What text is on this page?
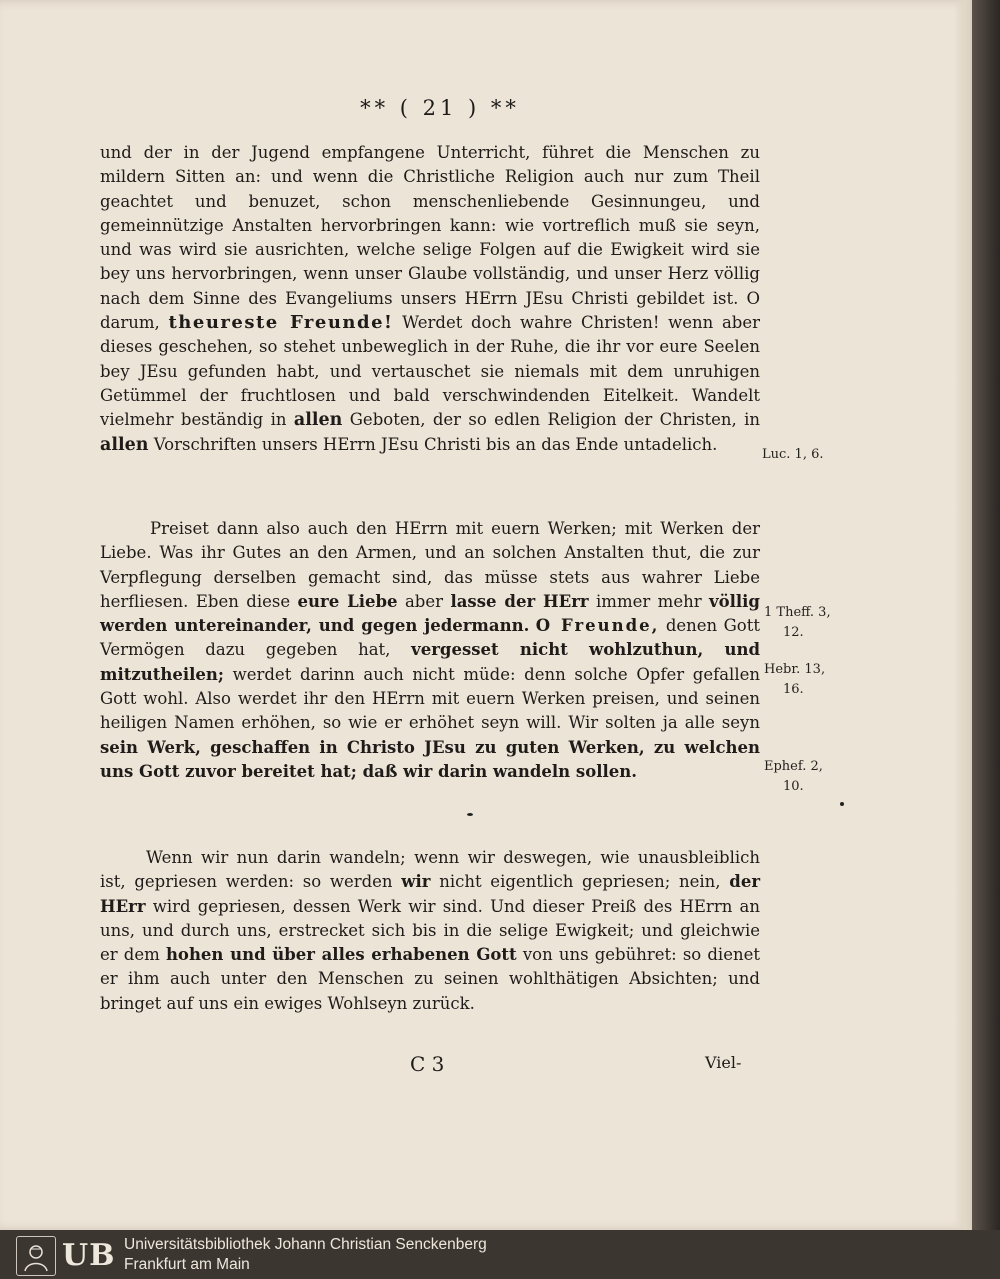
** ( 21 ) **
und der in der Jugend empfangene Unterricht, führet die Menschen zu mildern Sitten an: und wenn die Christliche Religion auch nur zum Theil geachtet und benuzet, schon menschenliebende Gesinnungeu, und gemeinnützige Anstalten hervorbringen kann: wie vortreflich muß sie seyn, und was wird sie ausrichten, welche selige Folgen auf die Ewigkeit wird sie bey uns hervorbringen, wenn unser Glaube vollständig, und unser Herz völlig nach dem Sinne des Evangeliums unsers HErrn JEsu Christi gebildet ist. O darum, theureste Freunde! Werdet doch wahre Christen! wenn aber dieses geschehen, so stehet unbeweglich in der Ruhe, die ihr vor eure Seelen bey JEsu gefunden habt, und vertauschet sie niemals mit dem unruhigen Getümmel der fruchtlosen und bald verschwindenden Eitelkeit. Wandelt vielmehr beständig in allen Geboten, der so edlen Religion der Christen, in allen Vorschriften unsers HErrn JEsu Christi bis an das Ende untadelich.
Preiset dann also auch den HErrn mit euern Werken; mit Werken der Liebe. Was ihr Gutes an den Armen, und an solchen Anstalten thut, die zur Verpflegung derselben gemacht sind, das müsse stets aus wahrer Liebe herfliesen. Eben diese eure Liebe aber lasse der HErr immer mehr völlig werden untereinander, und gegen jedermann. O Freunde, denen Gott Vermögen dazu gegeben hat, vergesset nicht wohlzuthun, und mitzutheilen; werdet darinn auch nicht müde: denn solche Opfer gefallen Gott wohl. Also werdet ihr den HErrn mit euern Werken preisen, und seinen heiligen Namen erhöhen, so wie er erhöhet seyn will. Wir solten ja alle seyn sein Werk, geschaffen in Christo JEsu zu guten Werken, zu welchen uns Gott zuvor bereitet hat; daß wir darin wandeln sollen.
Wenn wir nun darin wandeln; wenn wir deswegen, wie unausbleiblich ist, gepriesen werden: so werden wir nicht eigentlich gepriesen; nein, der HErr wird gepriesen, dessen Werk wir sind. Und dieser Preiß des HErrn an uns, und durch uns, erstrecket sich bis in die selige Ewigkeit; und gleichwie er dem hohen und über alles erhabenen Gott von uns gebühret: so dienet er ihm auch unter den Menschen zu seinen wohlthätigen Absichten; und bringet auf uns ein ewiges Wohlseyn zurück.
Luc. 1, 6.
1 Theff. 3,
12.
Hebr. 13,
16.
Ephef. 2,
10.
C 3	Viel-
UB Universitätsbibliothek Johann Christian Senckenberg
Frankfurt am Main
